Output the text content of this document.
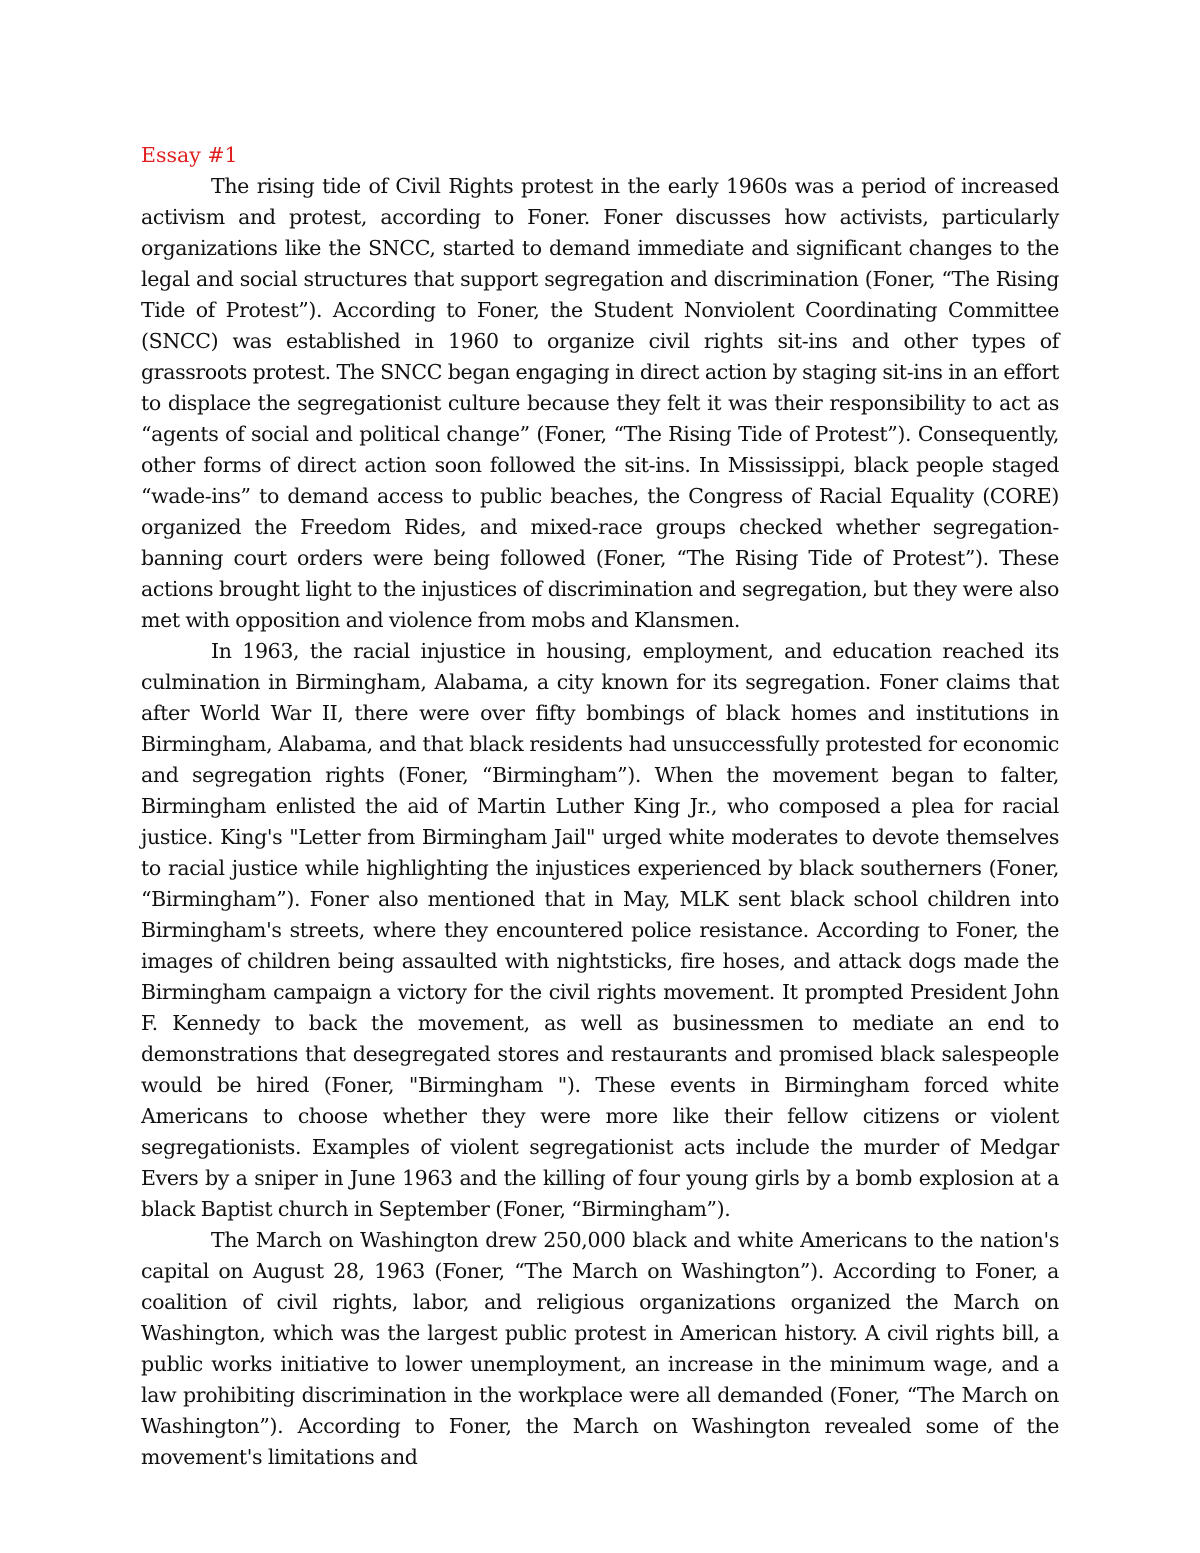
Essay #1

The rising tide of Civil Rights protest in the early 1960s was a period of increased activism and protest, according to Foner. Foner discusses how activists, particularly organizations like the SNCC, started to demand immediate and significant changes to the legal and social structures that support segregation and discrimination (Foner, “The Rising Tide of Protest”). According to Foner, the Student Nonviolent Coordinating Committee (SNCC) was established in 1960 to organize civil rights sit-ins and other types of grassroots protest. The SNCC began engaging in direct action by staging sit-ins in an effort to displace the segregationist culture because they felt it was their responsibility to act as “agents of social and political change” (Foner, “The Rising Tide of Protest”). Consequently, other forms of direct action soon followed the sit-ins. In Mississippi, black people staged “wade-ins” to demand access to public beaches, the Congress of Racial Equality (CORE) organized the Freedom Rides, and mixed-race groups checked whether segregation-banning court orders were being followed (Foner, “The Rising Tide of Protest”). These actions brought light to the injustices of discrimination and segregation, but they were also met with opposition and violence from mobs and Klansmen.

In 1963, the racial injustice in housing, employment, and education reached its culmination in Birmingham, Alabama, a city known for its segregation. Foner claims that after World War II, there were over fifty bombings of black homes and institutions in Birmingham, Alabama, and that black residents had unsuccessfully protested for economic and segregation rights (Foner, “Birmingham”). When the movement began to falter, Birmingham enlisted the aid of Martin Luther King Jr., who composed a plea for racial justice. King's "Letter from Birmingham Jail" urged white moderates to devote themselves to racial justice while highlighting the injustices experienced by black southerners (Foner, “Birmingham”). Foner also mentioned that in May, MLK sent black school children into Birmingham's streets, where they encountered police resistance. According to Foner, the images of children being assaulted with nightsticks, fire hoses, and attack dogs made the Birmingham campaign a victory for the civil rights movement. It prompted President John F. Kennedy to back the movement, as well as businessmen to mediate an end to demonstrations that desegregated stores and restaurants and promised black salespeople would be hired (Foner, "Birmingham "). These events in Birmingham forced white Americans to choose whether they were more like their fellow citizens or violent segregationists. Examples of violent segregationist acts include the murder of Medgar Evers by a sniper in June 1963 and the killing of four young girls by a bomb explosion at a black Baptist church in September (Foner, “Birmingham”).

The March on Washington drew 250,000 black and white Americans to the nation's capital on August 28, 1963 (Foner, “The March on Washington”). According to Foner, a coalition of civil rights, labor, and religious organizations organized the March on Washington, which was the largest public protest in American history. A civil rights bill, a public works initiative to lower unemployment, an increase in the minimum wage, and a law prohibiting discrimination in the workplace were all demanded (Foner, “The March on Washington”). According to Foner, the March on Washington revealed some of the movement's limitations and
